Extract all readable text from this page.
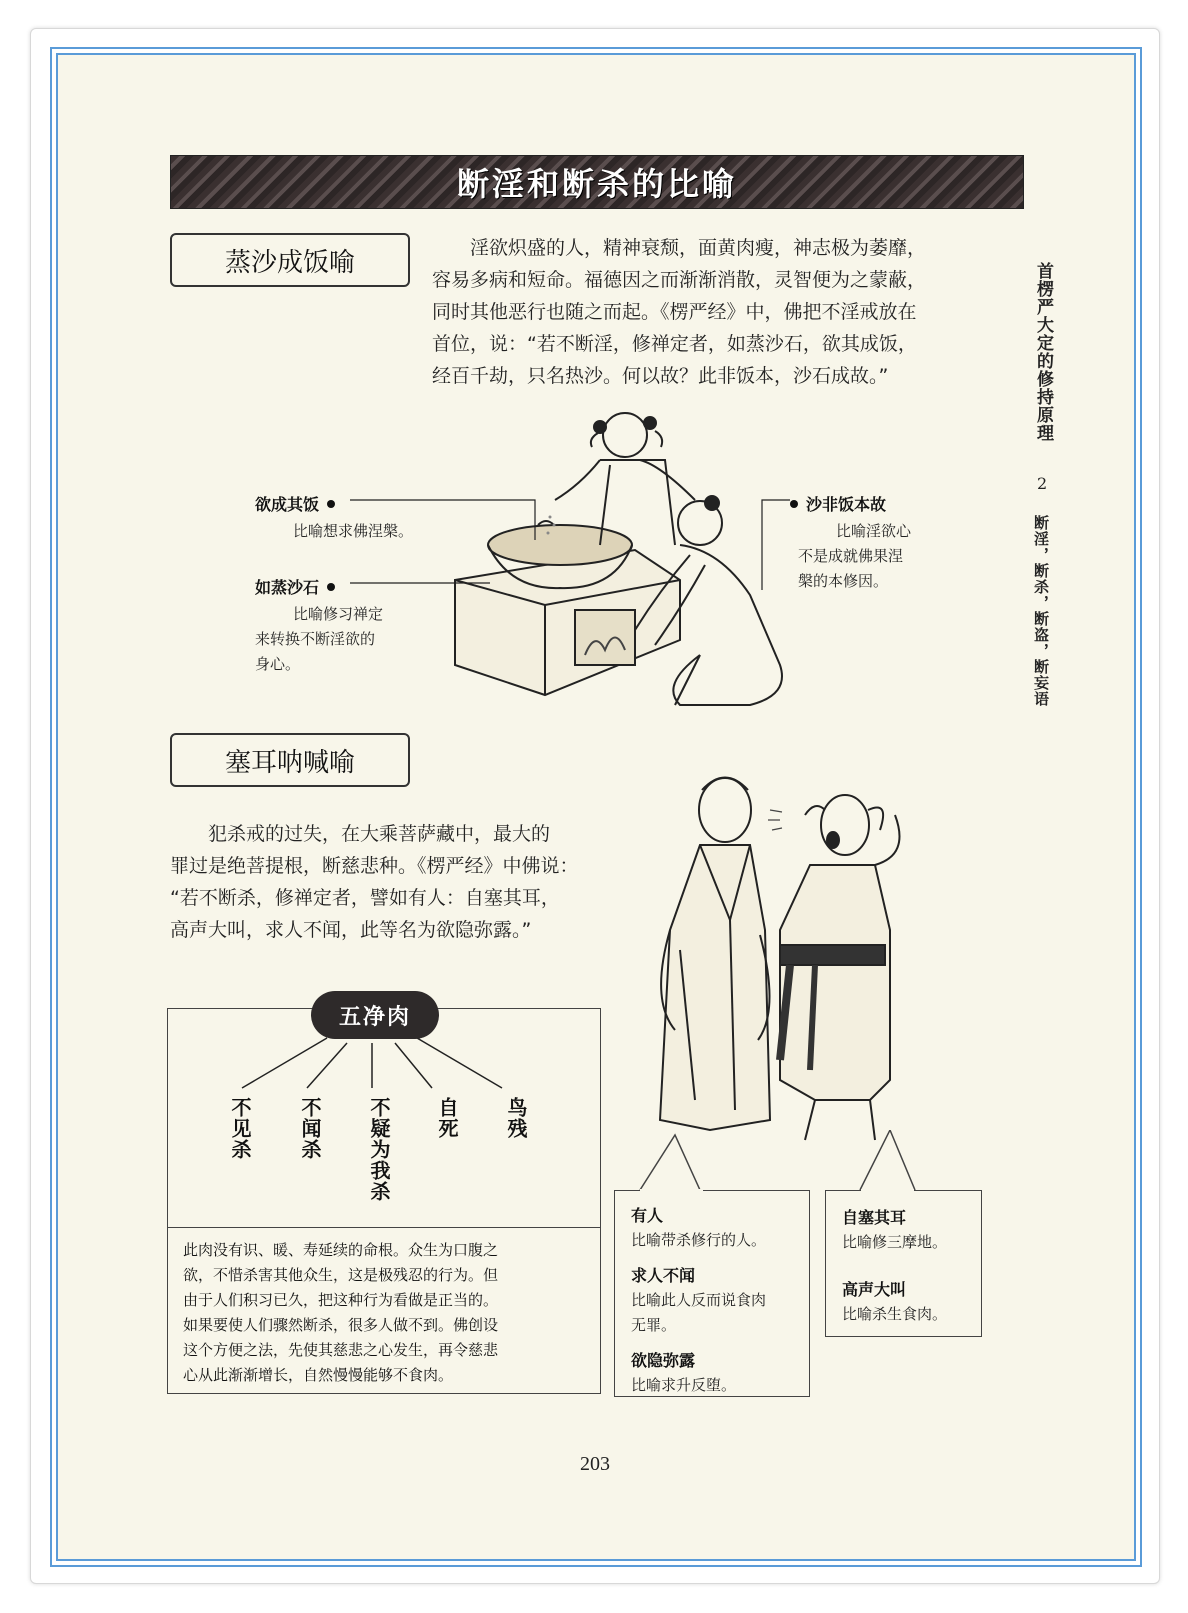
断淫和断杀的比喻
首楞严大定的修持原理
2
断淫，断杀，断盗，断妄语
蒸沙成饭喻	　　淫欲炽盛的人，精神衰颓，面黄肉瘦，神志极为萎靡，
容易多病和短命。福德因之而渐渐消散，灵智便为之蒙蔽，
同时其他恶行也随之而起。《楞严经》中，佛把不淫戒放在
首位，说：“若不断淫，修禅定者，如蒸沙石，欲其成饭，
经百千劫，只名热沙。何以故？此非饭本，沙石成故。”
欲成其饭
比喻想求佛涅槃。
如蒸沙石
比喻修习禅定
来转换不断淫欲的
身心。
沙非饭本故
比喻淫欲心
不是成就佛果涅
槃的本修因。
塞耳呐喊喻
　　犯杀戒的过失，在大乘菩萨藏中，最大的
罪过是绝菩提根，断慈悲种。《楞严经》中佛说：
“若不断杀，修禅定者，譬如有人：自塞其耳，
高声大叫，求人不闻，此等名为欲隐弥露。”
五净肉
不见杀 不闻杀 不疑为我杀 自死 鸟残
此肉没有识、暖、寿延续的命根。众生为口腹之
欲，不惜杀害其他众生，这是极残忍的行为。但
由于人们积习已久，把这种行为看做是正当的。
如果要使人们骤然断杀，很多人做不到。佛创设
这个方便之法，先使其慈悲之心发生，再令慈悲
心从此渐渐增长，自然慢慢能够不食肉。
有人
比喻带杀修行的人。
求人不闻
比喻此人反而说食肉
无罪。
欲隐弥露
比喻求升反堕。
自塞其耳
比喻修三摩地。
高声大叫
比喻杀生食肉。
203
